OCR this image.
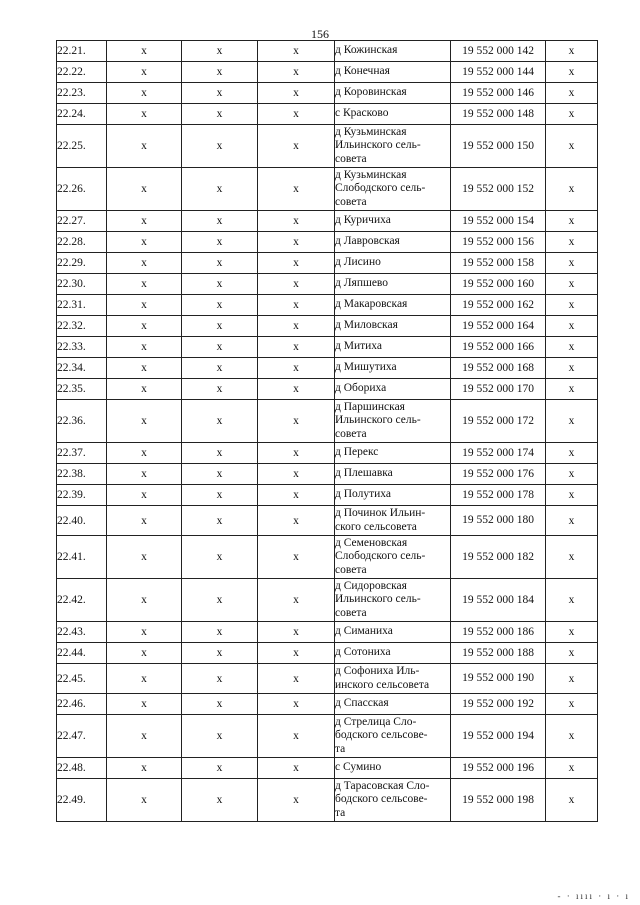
156
22.21.	x	x	x	д Кожинская	19 552 000 142	x
22.22.	x	x	x	д Конечная	19 552 000 144	x
22.23.	x	x	x	д Коровинская	19 552 000 146	x
22.24.	x	x	x	с Красково	19 552 000 148	x
22.25.	x	x	x	д Кузьминская
Ильинского сель-
совета	19 552 000 150	x
22.26.	x	x	x	д Кузьминская
Слободского сель-
совета	19 552 000 152	x
22.27.	x	x	x	д Куричиха	19 552 000 154	x
22.28.	x	x	x	д Лавровская	19 552 000 156	x
22.29.	x	x	x	д Лисино	19 552 000 158	x
22.30.	x	x	x	д Ляпшево	19 552 000 160	x
22.31.	x	x	x	д Макаровская	19 552 000 162	x
22.32.	x	x	x	д Миловская	19 552 000 164	x
22.33.	x	x	x	д Митиха	19 552 000 166	x
22.34.	x	x	x	д Мишутиха	19 552 000 168	x
22.35.	x	x	x	д Обориха	19 552 000 170	x
22.36.	x	x	x	д Паршинская
Ильинского сель-
совета	19 552 000 172	x
22.37.	x	x	x	д Перекс	19 552 000 174	x
22.38.	x	x	x	д Плешавка	19 552 000 176	x
22.39.	x	x	x	д Полутиха	19 552 000 178	x
22.40.	x	x	x	д Починок Ильин-
ского сельсовета	19 552 000 180	x
22.41.	x	x	x	д Семеновская
Слободского сель-
совета	19 552 000 182	x
22.42.	x	x	x	д Сидоровская
Ильинского сель-
совета	19 552 000 184	x
22.43.	x	x	x	д Симаниха	19 552 000 186	x
22.44.	x	x	x	д Сотониха	19 552 000 188	x
22.45.	x	x	x	д Софониха Иль-
инского сельсовета	19 552 000 190	x
22.46.	x	x	x	д Спасская	19 552 000 192	x
22.47.	x	x	x	д Стрелица Сло-
бодского сельсове-
та	19 552 000 194	x
22.48.	x	x	x	с Сумино	19 552 000 196	x
22.49.	x	x	x	д Тарасовская Сло-
бодского сельсове-
та	19 552 000 198	x
- · ıııı · ı · ı
